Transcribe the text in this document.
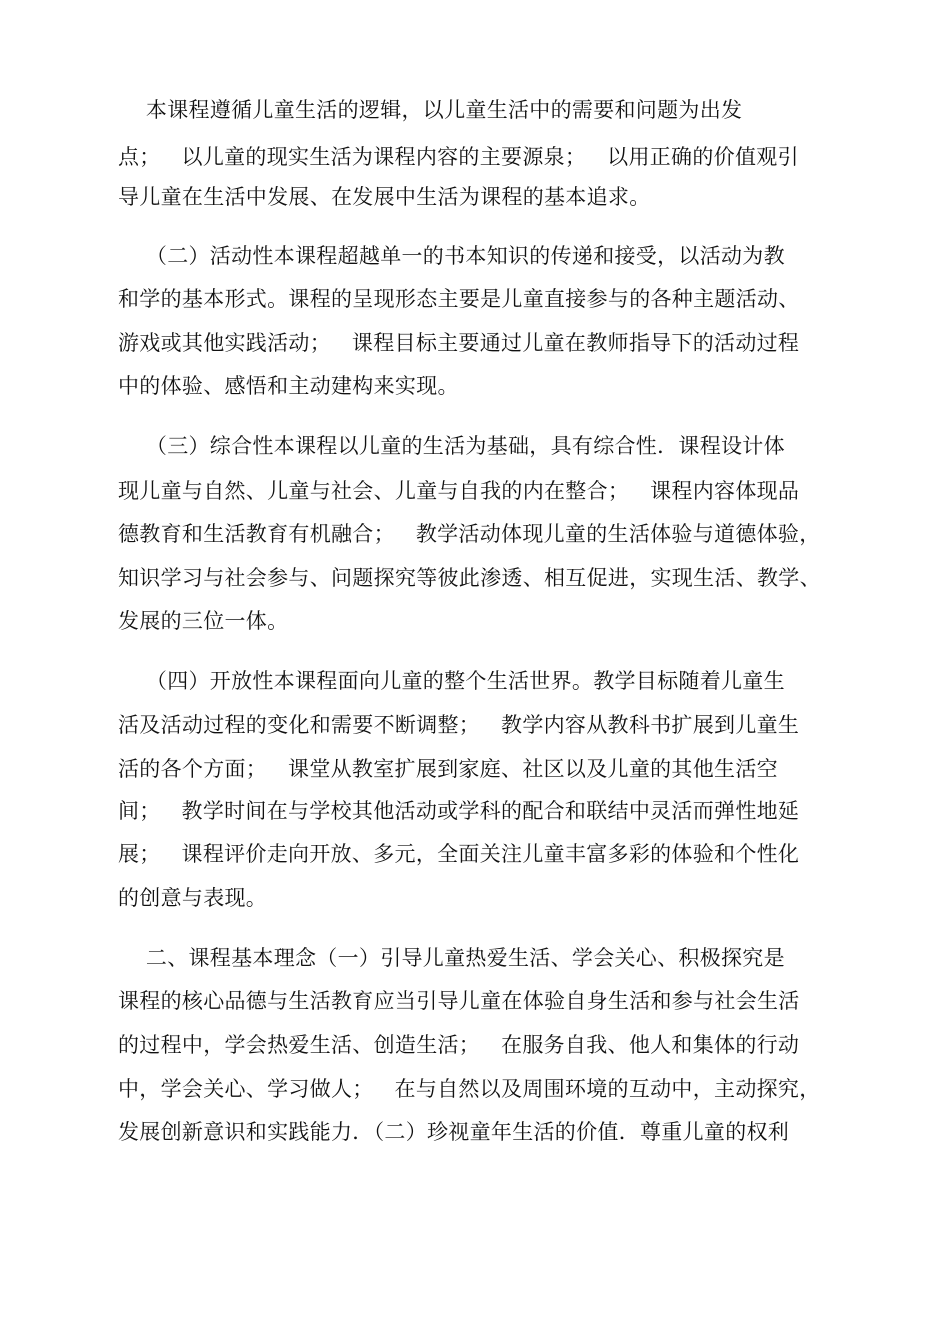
本课程遵循儿童生活的逻辑，以儿童生活中的需要和问题为出发
点；   以儿童的现实生活为课程内容的主要源泉；   以用正确的价值观引
导儿童在生活中发展、在发展中生活为课程的基本追求。
（二）活动性本课程超越单一的书本知识的传递和接受，以活动为教
和学的基本形式。课程的呈现形态主要是儿童直接参与的各种主题活动、
游戏或其他实践活动；   课程目标主要通过儿童在教师指导下的活动过程
中的体验、感悟和主动建构来实现。
（三）综合性本课程以儿童的生活为基础，具有综合性．课程设计体
现儿童与自然、儿童与社会、儿童与自我的内在整合；   课程内容体现品
德教育和生活教育有机融合；   教学活动体现儿童的生活体验与道德体验，
知识学习与社会参与、问题探究等彼此渗透、相互促进，实现生活、教学、
发展的三位一体。
（四）开放性本课程面向儿童的整个生活世界。教学目标随着儿童生
活及活动过程的变化和需要不断调整；   教学内容从教科书扩展到儿童生
活的各个方面；   课堂从教室扩展到家庭、社区以及儿童的其他生活空
间；   教学时间在与学校其他活动或学科的配合和联结中灵活而弹性地延
展；   课程评价走向开放、多元，全面关注儿童丰富多彩的体验和个性化
的创意与表现。
二、课程基本理念（一）引导儿童热爱生活、学会关心、积极探究是
课程的核心品德与生活教育应当引导儿童在体验自身生活和参与社会生活
的过程中，学会热爱生活、创造生活；   在服务自我、他人和集体的行动
中，学会关心、学习做人；   在与自然以及周围环境的互动中，主动探究，
发展创新意识和实践能力．（二）珍视童年生活的价值．尊重儿童的权利
